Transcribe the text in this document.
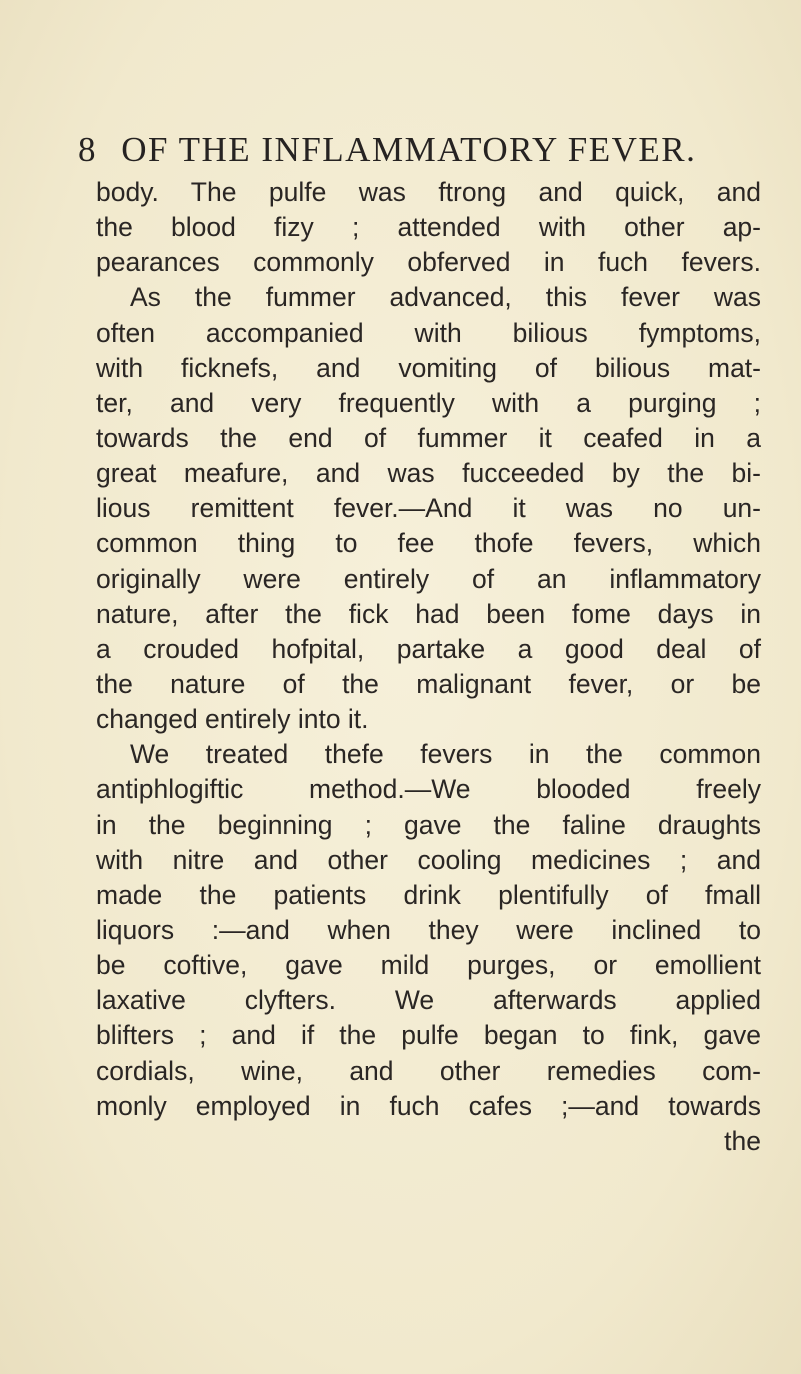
8 OF THE INFLAMMATORY FEVER.
body. The pulfe was ftrong and quick, and
the blood fizy ; attended with other ap-
pearances commonly obferved in fuch fevers.
As the fummer advanced, this fever was
often accompanied with bilious fymptoms,
with ficknefs, and vomiting of bilious mat-
ter, and very frequently with a purging ;
towards the end of fummer it ceafed in a
great meafure, and was fucceeded by the bi-
lious remittent fever.—And it was no un-
common thing to fee thofe fevers, which
originally were entirely of an inflammatory
nature, after the fick had been fome days in
a crouded hofpital, partake a good deal of
the nature of the malignant fever, or be
changed entirely into it.
We treated thefe fevers in the common
antiphlogiftic method.—We blooded freely
in the beginning ; gave the faline draughts
with nitre and other cooling medicines ; and
made the patients drink plentifully of fmall
liquors :—and when they were inclined to
be coftive, gave mild purges, or emollient
laxative clyfters. We afterwards applied
blifters ; and if the pulfe began to fink, gave
cordials, wine, and other remedies com-
monly employed in fuch cafes ;—and towards
the
